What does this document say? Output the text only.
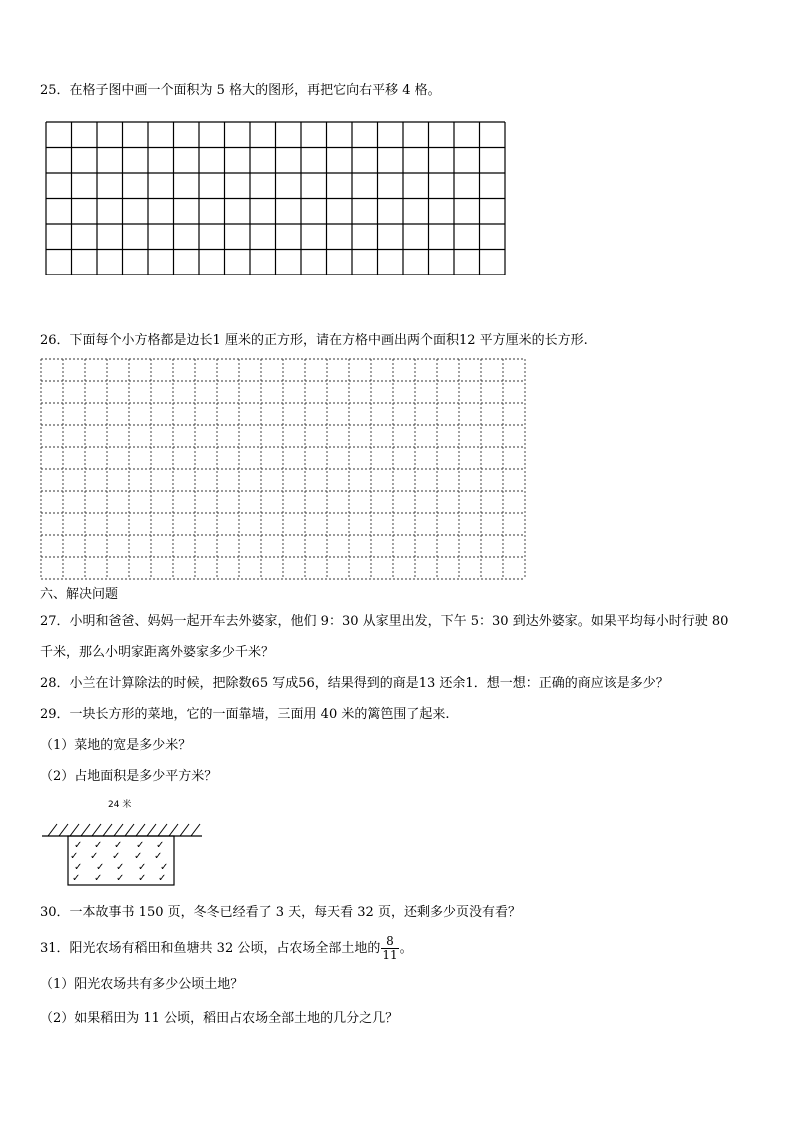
25．在格子图中画一个面积为 5 格大的图形，再把它向右平移 4 格。
26．下面每个小方格都是边长1 厘米的正方形，请在方格中画出两个面积12 平方厘米的长方形.
六、解决问题
27．小明和爸爸、妈妈一起开车去外婆家，他们 9：30 从家里出发，下午 5：30 到达外婆家。如果平均每小时行驶 80
千米，那么小明家距离外婆家多少千米？
28．小兰在计算除法的时候，把除数65 写成56，结果得到的商是13 还余1．想一想：正确的商应该是多少？
29．一块长方形的菜地，它的一面靠墙，三面用 40 米的篱笆围了起来.
（1）菜地的宽是多少米？
（2）占地面积是多少平方米？
24 米
✓ ✓ ✓ ✓ ✓
✓ ✓ ✓ ✓ ✓
✓ ✓ ✓ ✓ ✓
✓ ✓ ✓ ✓ ✓
30．一本故事书 150 页，冬冬已经看了 3 天，每天看 32 页，还剩多少页没有看？
31．阳光农场有稻田和鱼塘共 32 公顷，占农场全部土地的 $\frac{8}{11}$ 。
（1）阳光农场共有多少公顷土地？
（2）如果稻田为 11 公顷，稻田占农场全部土地的几分之几？
